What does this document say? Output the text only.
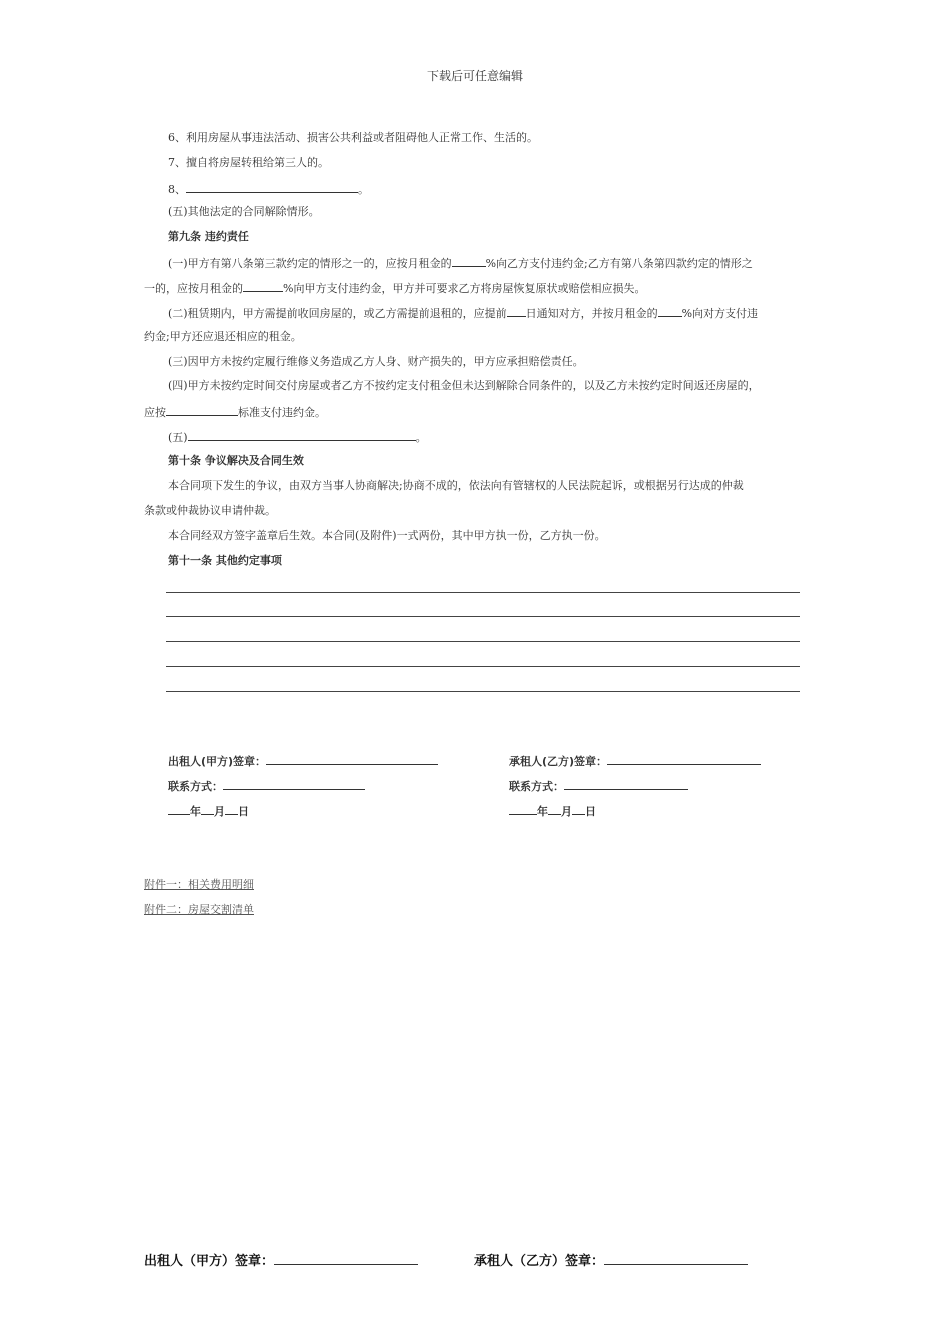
下载后可任意编辑
6、利用房屋从事违法活动、损害公共利益或者阻碍他人正常工作、生活的。
7、擅自将房屋转租给第三人的。
8、	。
(五)其他法定的合同解除情形。
第九条 违约责任
(一)甲方有第八条第三款约定的情形之一的，应按月租金的	%向乙方支付违约金;乙方有第八条第四款约定的情形之
一的，应按月租金的	%向甲方支付违约金，甲方并可要求乙方将房屋恢复原状或赔偿相应损失。
(二)租赁期内，甲方需提前收回房屋的，或乙方需提前退租的，应提前 日通知对方，并按月租金的 %向对方支付违
约金;甲方还应退还相应的租金。
(三)因甲方未按约定履行维修义务造成乙方人身、财产损失的，甲方应承担赔偿责任。
(四)甲方未按约定时间交付房屋或者乙方不按约定支付租金但未达到解除合同条件的，以及乙方未按约定时间返还房屋的，
应按	标准支付违约金。
(五)	。
第十条 争议解决及合同生效
本合同项下发生的争议，由双方当事人协商解决;协商不成的，依法向有管辖权的人民法院起诉，或根据另行达成的仲裁
条款或仲裁协议申请仲裁。
本合同经双方签字盖章后生效。本合同(及附件)一式两份，其中甲方执一份，乙方执一份。
第十一条 其他约定事项
出租人(甲方)签章：	承租人(乙方)签章：
联系方式：	联系方式：
年 月 日	年 月 日
附件一：相关费用明细
附件二：房屋交割清单
出租人（甲方）签章：	承租人（乙方）签章：
